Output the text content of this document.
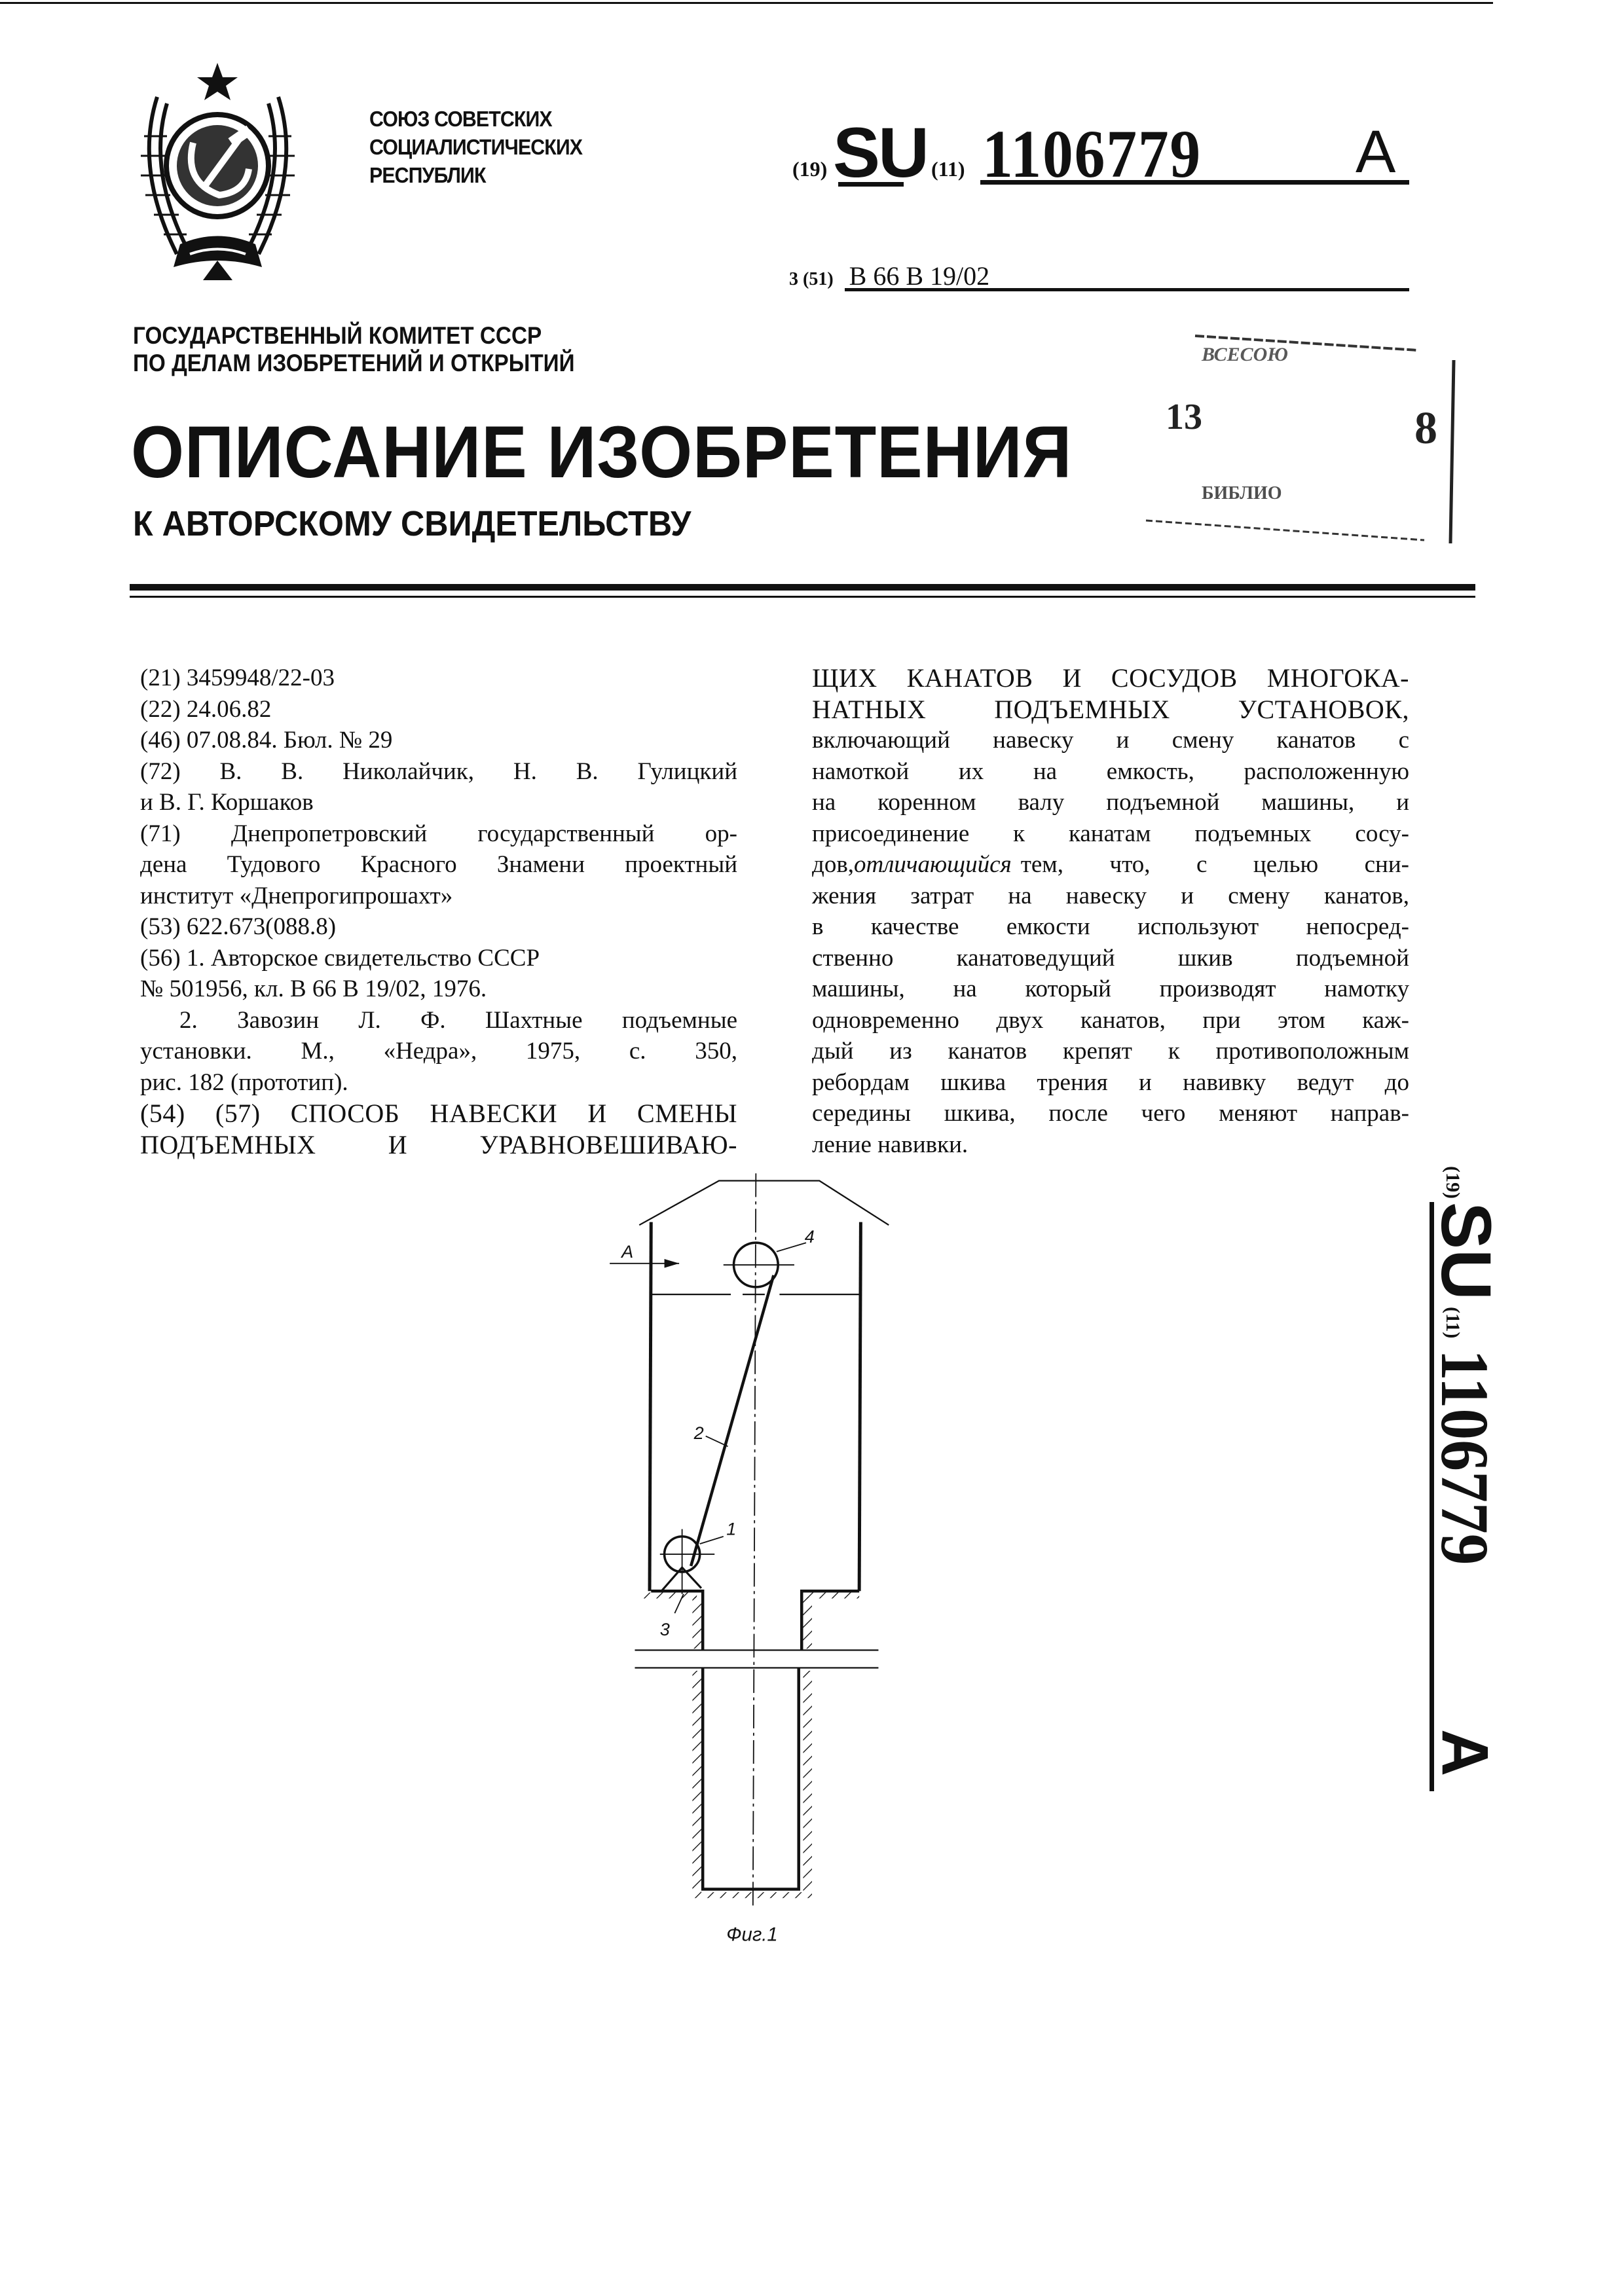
СОЮЗ СОВЕТСКИХ
СОЦИАЛИСТИЧЕСКИХ
РЕСПУБЛИК	(19) SU (11) 1106779	A
3 (51) B 66 B 19/02
ГОСУДАРСТВЕННЫЙ КОМИТЕТ СССР
ПО ДЕЛАМ ИЗОБРЕТЕНИЙ И ОТКРЫТИЙ
ОПИСАНИЕ ИЗОБРЕТЕНИЯ
К АВТОРСКОМУ СВИДЕТЕЛЬСТВУ
ВСЕСОЮ
13	8
БИБЛИО
(21) 3459948/22-03
(22) 24.06.82
(46) 07.08.84. Бюл. № 29
(72) В. В. Николайчик, Н. В. Гулицкий
и В. Г. Коршаков
(71) Днепропетровский государственный ор-
дена Тудового Красного Знамени проектный
институт «Днепрогипрошахт»
(53) 622.673(088.8)
(56) 1. Авторское свидетельство СССР
№ 501956, кл. В 66 В 19/02, 1976.
2. Завозин Л. Ф. Шахтные подъемные
установки. М., «Недра», 1975, с. 350,
рис. 182 (прототип).
(54) (57) СПОСОБ НАВЕСКИ И СМЕНЫ
ПОДЪЕМНЫХ И УРАВНОВЕШИВАЮ-
ЩИХ КАНАТОВ И СОСУДОВ МНОГОКА-
НАТНЫХ ПОДЪЕМНЫХ УСТАНОВОК,
включающий навеску и смену канатов с
намоткой их на емкость, расположенную
на коренном валу подъемной машины, и
присоединение к канатам подъемных сосу-
дов, отличающийся тем, что, с целью сни-
жения затрат на навеску и смену канатов,
в качестве емкости используют непосред-
ственно канатоведущий шкив подъемной
машины, на который производят намотку
одновременно двух канатов, при этом каж-
дый из канатов крепят к противоположным
ребордам шкива трения и навивку ведут до
середины шкива, после чего меняют направ-
ление навивки.
A
4
2
1
3
Фиг.1
(19)
SU
(11)
1106779
A
